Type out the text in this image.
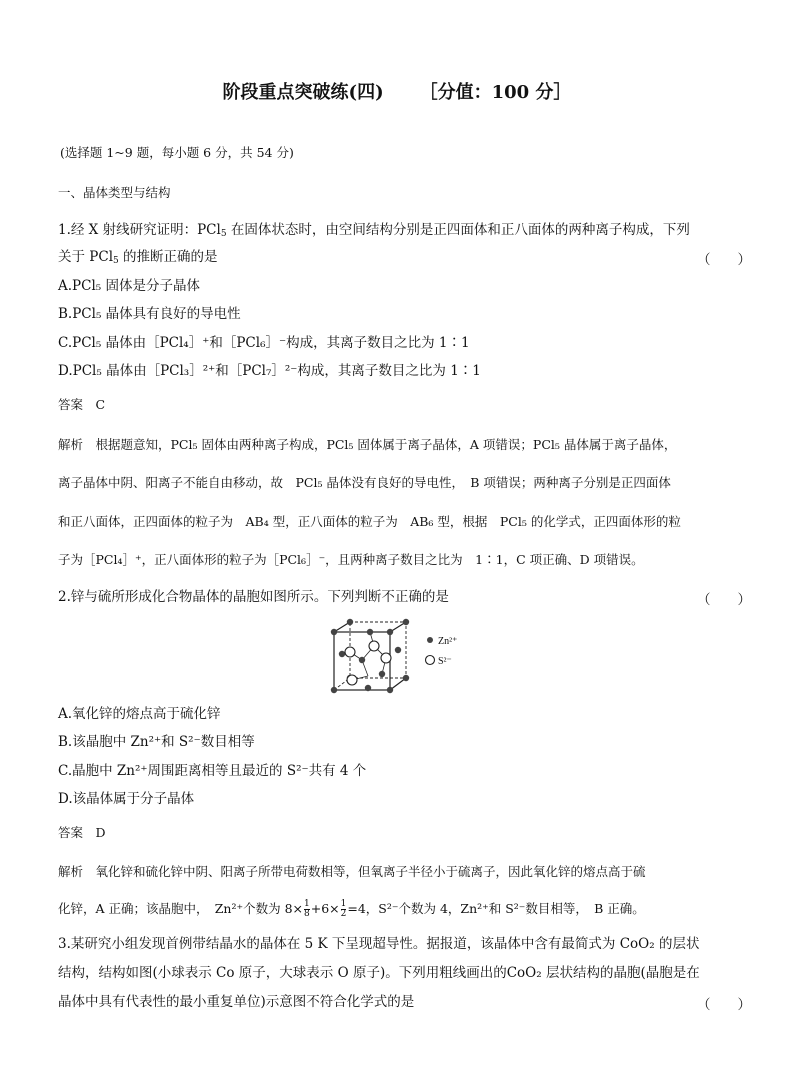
阶段重点突破练(四) ［分值：100 分］
(选择题 1~9 题，每小题 6 分，共 54 分)
一、晶体类型与结构
1.经 X 射线研究证明：PCl$_5$ 在固体状态时，由空间结构分别是正四面体和正八面体的两种离子构成，下列
关于 PCl$_5$ 的推断正确的是	（　　）
A.PCl₅ 固体是分子晶体
B.PCl₅ 晶体具有良好的导电性
C.PCl₅ 晶体由［PCl₄］⁺和［PCl₆］⁻构成，其离子数目之比为 1∶1
D.PCl₅ 晶体由［PCl₃］²⁺和［PCl₇］²⁻构成，其离子数目之比为 1∶1
答案　C
解析　根据题意知，PCl₅ 固体由两种离子构成，PCl₅ 固体属于离子晶体，A 项错误；PCl₅ 晶体属于离子晶体，
离子晶体中阴、阳离子不能自由移动，故　PCl₅ 晶体没有良好的导电性，　B 项错误；两种离子分别是正四面体
和正八面体，正四面体的粒子为　AB₄ 型，正八面体的粒子为　AB₆ 型，根据　PCl₅ 的化学式，正四面体形的粒
子为［PCl₄］⁺，正八面体形的粒子为［PCl₆］⁻，且两种离子数目之比为　1∶1，C 项正确、D 项错误。
2.锌与硫所形成化合物晶体的晶胞如图所示。下列判断不正确的是	（　　）
Zn²⁺
S²⁻
A.氧化锌的熔点高于硫化锌
B.该晶胞中 Zn²⁺和 S²⁻数目相等
C.晶胞中 Zn²⁺周围距离相等且最近的 S²⁻共有 4 个
D.该晶体属于分子晶体
答案　D
解析　氧化锌和硫化锌中阴、阳离子所带电荷数相等，但氧离子半径小于硫离子，因此氧化锌的熔点高于硫
化锌，A 正确；该晶胞中，　Zn²⁺个数为 $8\times \frac{1}{8} +6\times \frac{1}{2} =4$，S²⁻个数为 4，Zn²⁺和 S²⁻数目相等，　B 正确。
3.某研究小组发现首例带结晶水的晶体在 5 K 下呈现超导性。据报道，该晶体中含有最简式为 CoO₂ 的层状
结构，结构如图(小球表示 Co 原子，大球表示 O 原子)。下列用粗线画出的CoO₂ 层状结构的晶胞(晶胞是在
晶体中具有代表性的最小重复单位)示意图不符合化学式的是	（　　）
